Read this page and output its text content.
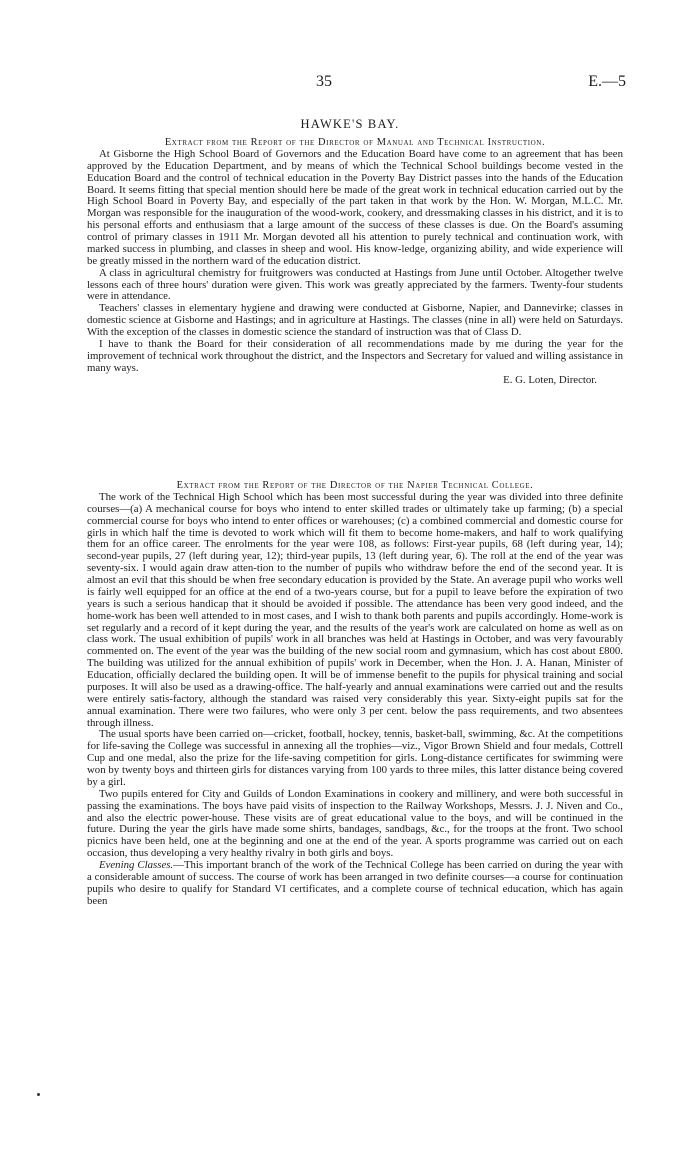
35	E.—5
HAWKE'S BAY.

Extract from the Report of the Director of Manual and Technical Instruction.

At Gisborne the High School Board of Governors and the Education Board have come to an agreement that has been approved by the Education Department, and by means of which the Technical School buildings become vested in the Education Board and the control of technical education in the Poverty Bay District passes into the hands of the Education Board. It seems fitting that special mention should here be made of the great work in technical education carried out by the High School Board in Poverty Bay, and especially of the part taken in that work by the Hon. W. Morgan, M.L.C. Mr. Morgan was responsible for the inauguration of the wood-work, cookery, and dressmaking classes in his district, and it is to his personal efforts and enthusiasm that a large amount of the success of these classes is due. On the Board's assuming control of primary classes in 1911 Mr. Morgan devoted all his attention to purely technical and continuation work, with marked success in plumbing, and classes in sheep and wool. His know-ledge, organizing ability, and wide experience will be greatly missed in the northern ward of the education district.

A class in agricultural chemistry for fruitgrowers was conducted at Hastings from June until October. Altogether twelve lessons each of three hours' duration were given. This work was greatly appreciated by the farmers. Twenty-four students were in attendance.

Teachers' classes in elementary hygiene and drawing were conducted at Gisborne, Napier, and Dannevirke; classes in domestic science at Gisborne and Hastings; and in agriculture at Hastings. The classes (nine in all) were held on Saturdays. With the exception of the classes in domestic science the standard of instruction was that of Class D.

I have to thank the Board for their consideration of all recommendations made by me during the year for the improvement of technical work throughout the district, and the Inspectors and Secretary for valued and willing assistance in many ways.

E. G. Loten, Director.

Extract from the Report of the Director of the Napier Technical College.

The work of the Technical High School which has been most successful during the year was divided into three definite courses—(a) A mechanical course for boys who intend to enter skilled trades or ultimately take up farming; (b) a special commercial course for boys who intend to enter offices or warehouses; (c) a combined commercial and domestic course for girls in which half the time is devoted to work which will fit them to become home-makers, and half to work qualifying them for an office career. The enrolments for the year were 108, as follows: First-year pupils, 68 (left during year, 14); second-year pupils, 27 (left during year, 12); third-year pupils, 13 (left during year, 6). The roll at the end of the year was seventy-six. I would again draw atten-tion to the number of pupils who withdraw before the end of the second year. It is almost an evil that this should be when free secondary education is provided by the State. An average pupil who works well is fairly well equipped for an office at the end of a two-years course, but for a pupil to leave before the expiration of two years is such a serious handicap that it should be avoided if possible. The attendance has been very good indeed, and the home-work has been well attended to in most cases, and I wish to thank both parents and pupils accordingly. Home-work is set regularly and a record of it kept during the year, and the results of the year's work are calculated on home as well as on class work. The usual exhibition of pupils' work in all branches was held at Hastings in October, and was very favourably commented on. The event of the year was the building of the new social room and gymnasium, which has cost about £800. The building was utilized for the annual exhibition of pupils' work in December, when the Hon. J. A. Hanan, Minister of Education, officially declared the building open. It will be of immense benefit to the pupils for physical training and social purposes. It will also be used as a drawing-office. The half-yearly and annual examinations were carried out and the results were entirely satis-factory, although the standard was raised very considerably this year. Sixty-eight pupils sat for the annual examination. There were two failures, who were only 3 per cent. below the pass requirements, and two absentees through illness.

The usual sports have been carried on—cricket, football, hockey, tennis, basket-ball, swimming, &c. At the competitions for life-saving the College was successful in annexing all the trophies—viz., Vigor Brown Shield and four medals, Cottrell Cup and one medal, also the prize for the life-saving competition for girls. Long-distance certificates for swimming were won by twenty boys and thirteen girls for distances varying from 100 yards to three miles, this latter distance being covered by a girl.

Two pupils entered for City and Guilds of London Examinations in cookery and millinery, and were both successful in passing the examinations. The boys have paid visits of inspection to the Railway Workshops, Messrs. J. J. Niven and Co., and also the electric power-house. These visits are of great educational value to the boys, and will be continued in the future. During the year the girls have made some shirts, bandages, sandbags, &c., for the troops at the front. Two school picnics have been held, one at the beginning and one at the end of the year. A sports programme was carried out on each occasion, thus developing a very healthy rivalry in both girls and boys.

Evening Classes.—This important branch of the work of the Technical College has been carried on during the year with a considerable amount of success. The course of work has been arranged in two definite courses—a course for continuation pupils who desire to qualify for Standard VI certificates, and a complete course of technical education, which has again been
